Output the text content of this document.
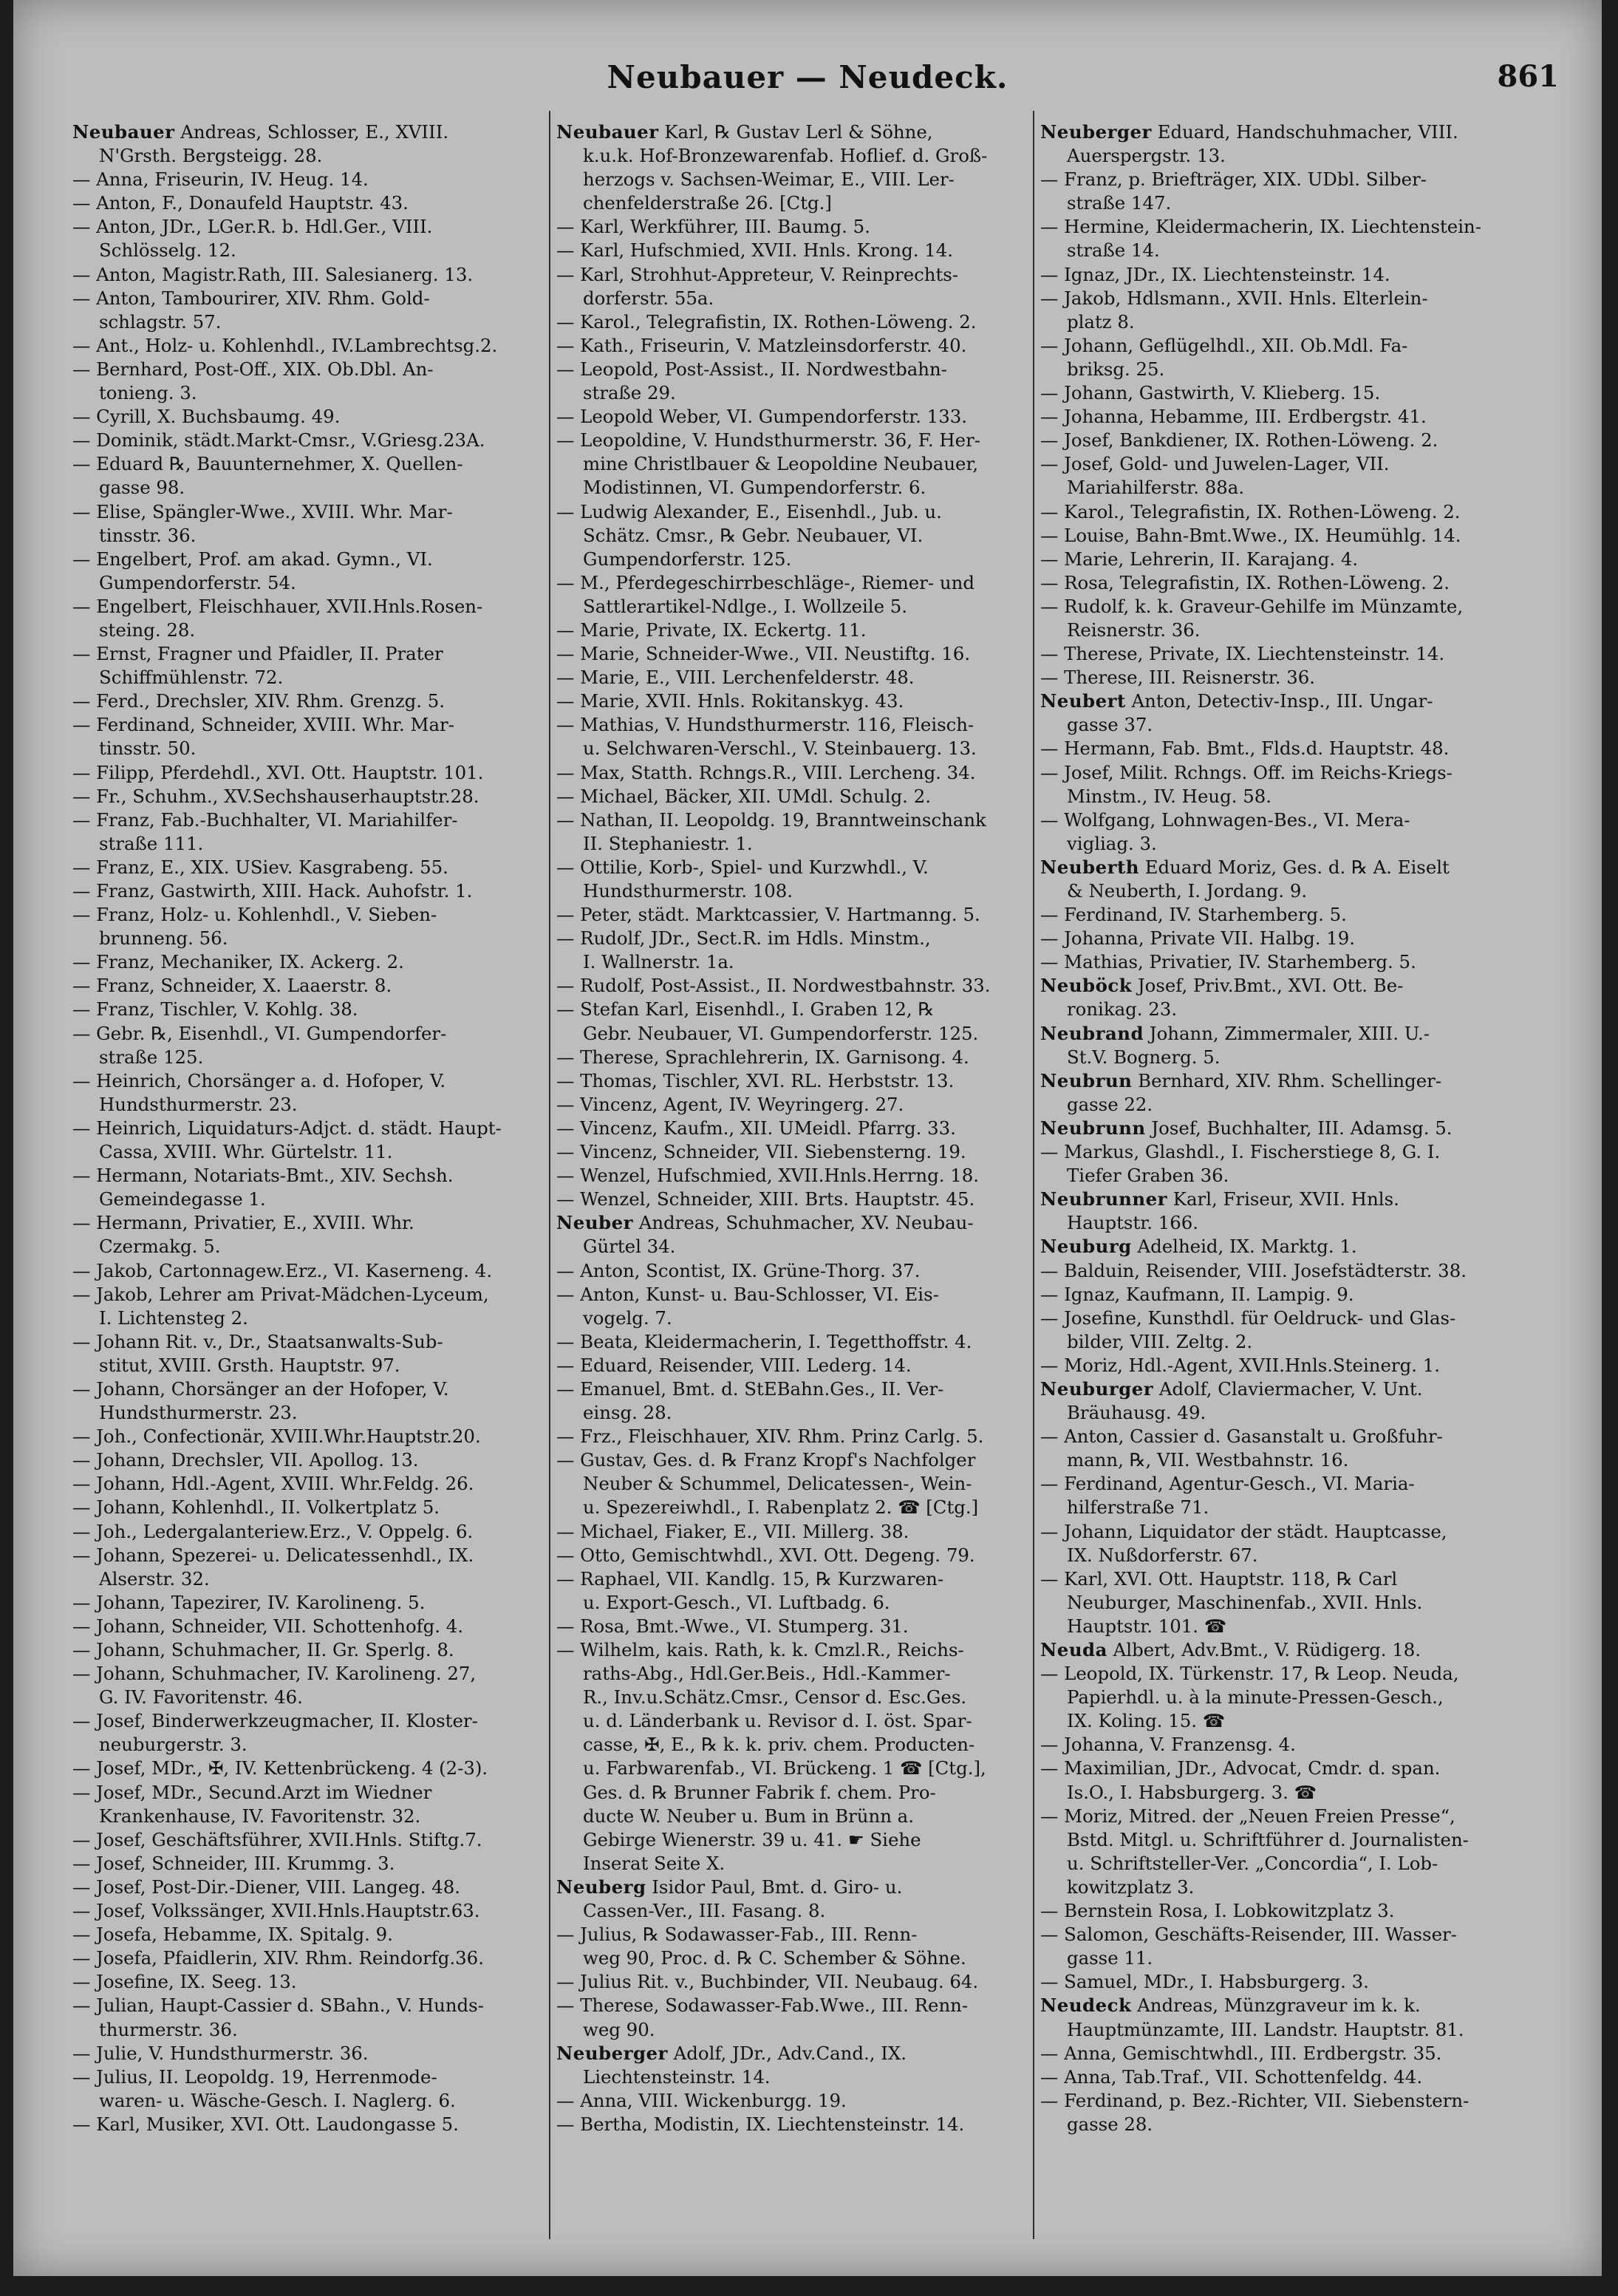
Neubauer — Neudeck.	861
Neubauer Andreas, Schlosser, E., XVIII.
N'Grsth. Bergsteigg. 28.
— Anna, Friseurin, IV. Heug. 14.
— Anton, F., Donaufeld Hauptstr. 43.
— Anton, JDr., LGer.R. b. Hdl.Ger., VIII.
Schlösselg. 12.
— Anton, Magistr.Rath, III. Salesianerg. 13.
— Anton, Tambourirer, XIV. Rhm. Gold-
schlagstr. 57.
— Ant., Holz- u. Kohlenhdl., IV.Lambrechtsg.2.
— Bernhard, Post-Off., XIX. Ob.Dbl. An-
tonieng. 3.
— Cyrill, X. Buchsbaumg. 49.
— Dominik, städt.Markt-Cmsr., V.Griesg.23A.
— Eduard ℞, Bauunternehmer, X. Quellen-
gasse 98.
— Elise, Spängler-Wwe., XVIII. Whr. Mar-
tinsstr. 36.
— Engelbert, Prof. am akad. Gymn., VI.
Gumpendorferstr. 54.
— Engelbert, Fleischhauer, XVII.Hnls.Rosen-
steing. 28.
— Ernst, Fragner und Pfaidler, II. Prater
Schiffmühlenstr. 72.
— Ferd., Drechsler, XIV. Rhm. Grenzg. 5.
— Ferdinand, Schneider, XVIII. Whr. Mar-
tinsstr. 50.
— Filipp, Pferdehdl., XVI. Ott. Hauptstr. 101.
— Fr., Schuhm., XV.Sechshauserhauptstr.28.
— Franz, Fab.-Buchhalter, VI. Mariahilfer-
straße 111.
— Franz, E., XIX. USiev. Kasgrabeng. 55.
— Franz, Gastwirth, XIII. Hack. Auhofstr. 1.
— Franz, Holz- u. Kohlenhdl., V. Sieben-
brunneng. 56.
— Franz, Mechaniker, IX. Ackerg. 2.
— Franz, Schneider, X. Laaerstr. 8.
— Franz, Tischler, V. Kohlg. 38.
— Gebr. ℞, Eisenhdl., VI. Gumpendorfer-
straße 125.
— Heinrich, Chorsänger a. d. Hofoper, V.
Hundsthurmerstr. 23.
— Heinrich, Liquidaturs-Adjct. d. städt. Haupt-
Cassa, XVIII. Whr. Gürtelstr. 11.
— Hermann, Notariats-Bmt., XIV. Sechsh.
Gemeindegasse 1.
— Hermann, Privatier, E., XVIII. Whr.
Czermakg. 5.
— Jakob, Cartonnagew.Erz., VI. Kaserneng. 4.
— Jakob, Lehrer am Privat-Mädchen-Lyceum,
I. Lichtensteg 2.
— Johann Rit. v., Dr., Staatsanwalts-Sub-
stitut, XVIII. Grsth. Hauptstr. 97.
— Johann, Chorsänger an der Hofoper, V.
Hundsthurmerstr. 23.
— Joh., Confectionär, XVIII.Whr.Hauptstr.20.
— Johann, Drechsler, VII. Apollog. 13.
— Johann, Hdl.-Agent, XVIII. Whr.Feldg. 26.
— Johann, Kohlenhdl., II. Volkertplatz 5.
— Joh., Ledergalanteriew.Erz., V. Oppelg. 6.
— Johann, Spezerei- u. Delicatessenhdl., IX.
Alserstr. 32.
— Johann, Tapezirer, IV. Karolineng. 5.
— Johann, Schneider, VII. Schottenhofg. 4.
— Johann, Schuhmacher, II. Gr. Sperlg. 8.
— Johann, Schuhmacher, IV. Karolineng. 27,
G. IV. Favoritenstr. 46.
— Josef, Binderwerkzeugmacher, II. Kloster-
neuburgerstr. 3.
— Josef, MDr., ✠, IV. Kettenbrückeng. 4 (2-3).
— Josef, MDr., Secund.Arzt im Wiedner
Krankenhause, IV. Favoritenstr. 32.
— Josef, Geschäftsführer, XVII.Hnls. Stiftg.7.
— Josef, Schneider, III. Krummg. 3.
— Josef, Post-Dir.-Diener, VIII. Langeg. 48.
— Josef, Volkssänger, XVII.Hnls.Hauptstr.63.
— Josefa, Hebamme, IX. Spitalg. 9.
— Josefa, Pfaidlerin, XIV. Rhm. Reindorfg.36.
— Josefine, IX. Seeg. 13.
— Julian, Haupt-Cassier d. SBahn., V. Hunds-
thurmerstr. 36.
— Julie, V. Hundsthurmerstr. 36.
— Julius, II. Leopoldg. 19, Herrenmode-
waren- u. Wäsche-Gesch. I. Naglerg. 6.
— Karl, Musiker, XVI. Ott. Laudongasse 5.
Neubauer Karl, ℞ Gustav Lerl & Söhne,
k.u.k. Hof-Bronzewarenfab. Hoflief. d. Groß-
herzogs v. Sachsen-Weimar, E., VIII. Ler-
chenfelderstraße 26. [Ctg.]
— Karl, Werkführer, III. Baumg. 5.
— Karl, Hufschmied, XVII. Hnls. Krong. 14.
— Karl, Strohhut-Appreteur, V. Reinprechts-
dorferstr. 55a.
— Karol., Telegrafistin, IX. Rothen-Löweng. 2.
— Kath., Friseurin, V. Matzleinsdorferstr. 40.
— Leopold, Post-Assist., II. Nordwestbahn-
straße 29.
— Leopold Weber, VI. Gumpendorferstr. 133.
— Leopoldine, V. Hundsthurmerstr. 36, F. Her-
mine Christlbauer & Leopoldine Neubauer,
Modistinnen, VI. Gumpendorferstr. 6.
— Ludwig Alexander, E., Eisenhdl., Jub. u.
Schätz. Cmsr., ℞ Gebr. Neubauer, VI.
Gumpendorferstr. 125.
— M., Pferdegeschirrbeschläge-, Riemer- und
Sattlerartikel-Ndlge., I. Wollzeile 5.
— Marie, Private, IX. Eckertg. 11.
— Marie, Schneider-Wwe., VII. Neustiftg. 16.
— Marie, E., VIII. Lerchenfelderstr. 48.
— Marie, XVII. Hnls. Rokitanskyg. 43.
— Mathias, V. Hundsthurmerstr. 116, Fleisch-
u. Selchwaren-Verschl., V. Steinbauerg. 13.
— Max, Statth. Rchngs.R., VIII. Lercheng. 34.
— Michael, Bäcker, XII. UMdl. Schulg. 2.
— Nathan, II. Leopoldg. 19, Branntweinschank
II. Stephaniestr. 1.
— Ottilie, Korb-, Spiel- und Kurzwhdl., V.
Hundsthurmerstr. 108.
— Peter, städt. Marktcassier, V. Hartmanng. 5.
— Rudolf, JDr., Sect.R. im Hdls. Minstm.,
I. Wallnerstr. 1a.
— Rudolf, Post-Assist., II. Nordwestbahnstr. 33.
— Stefan Karl, Eisenhdl., I. Graben 12, ℞
Gebr. Neubauer, VI. Gumpendorferstr. 125.
— Therese, Sprachlehrerin, IX. Garnisong. 4.
— Thomas, Tischler, XVI. RL. Herbststr. 13.
— Vincenz, Agent, IV. Weyringerg. 27.
— Vincenz, Kaufm., XII. UMeidl. Pfarrg. 33.
— Vincenz, Schneider, VII. Siebensterng. 19.
— Wenzel, Hufschmied, XVII.Hnls.Herrng. 18.
— Wenzel, Schneider, XIII. Brts. Hauptstr. 45.
Neuber Andreas, Schuhmacher, XV. Neubau-
Gürtel 34.
— Anton, Scontist, IX. Grüne-Thorg. 37.
— Anton, Kunst- u. Bau-Schlosser, VI. Eis-
vogelg. 7.
— Beata, Kleidermacherin, I. Tegetthoffstr. 4.
— Eduard, Reisender, VIII. Lederg. 14.
— Emanuel, Bmt. d. StEBahn.Ges., II. Ver-
einsg. 28.
— Frz., Fleischhauer, XIV. Rhm. Prinz Carlg. 5.
— Gustav, Ges. d. ℞ Franz Kropf's Nachfolger
Neuber & Schummel, Delicatessen-, Wein-
u. Spezereiwhdl., I. Rabenplatz 2. ☎ [Ctg.]
— Michael, Fiaker, E., VII. Millerg. 38.
— Otto, Gemischtwhdl., XVI. Ott. Degeng. 79.
— Raphael, VII. Kandlg. 15, ℞ Kurzwaren-
u. Export-Gesch., VI. Luftbadg. 6.
— Rosa, Bmt.-Wwe., VI. Stumperg. 31.
— Wilhelm, kais. Rath, k. k. Cmzl.R., Reichs-
raths-Abg., Hdl.Ger.Beis., Hdl.-Kammer-
R., Inv.u.Schätz.Cmsr., Censor d. Esc.Ges.
u. d. Länderbank u. Revisor d. I. öst. Spar-
casse, ✠, E., ℞ k. k. priv. chem. Producten-
u. Farbwarenfab., VI. Brückeng. 1 ☎ [Ctg.],
Ges. d. ℞ Brunner Fabrik f. chem. Pro-
ducte W. Neuber u. Bum in Brünn a.
Gebirge Wienerstr. 39 u. 41. ☛ Siehe
Inserat Seite X.
Neuberg Isidor Paul, Bmt. d. Giro- u.
Cassen-Ver., III. Fasang. 8.
— Julius, ℞ Sodawasser-Fab., III. Renn-
weg 90, Proc. d. ℞ C. Schember & Söhne.
— Julius Rit. v., Buchbinder, VII. Neubaug. 64.
— Therese, Sodawasser-Fab.Wwe., III. Renn-
weg 90.
Neuberger Adolf, JDr., Adv.Cand., IX.
Liechtensteinstr. 14.
— Anna, VIII. Wickenburgg. 19.
— Bertha, Modistin, IX. Liechtensteinstr. 14.
Neuberger Eduard, Handschuhmacher, VIII.
Auerspergstr. 13.
— Franz, p. Briefträger, XIX. UDbl. Silber-
straße 147.
— Hermine, Kleidermacherin, IX. Liechtenstein-
straße 14.
— Ignaz, JDr., IX. Liechtensteinstr. 14.
— Jakob, Hdlsmann., XVII. Hnls. Elterlein-
platz 8.
— Johann, Geflügelhdl., XII. Ob.Mdl. Fa-
briksg. 25.
— Johann, Gastwirth, V. Klieberg. 15.
— Johanna, Hebamme, III. Erdbergstr. 41.
— Josef, Bankdiener, IX. Rothen-Löweng. 2.
— Josef, Gold- und Juwelen-Lager, VII.
Mariahilferstr. 88a.
— Karol., Telegrafistin, IX. Rothen-Löweng. 2.
— Louise, Bahn-Bmt.Wwe., IX. Heumühlg. 14.
— Marie, Lehrerin, II. Karajang. 4.
— Rosa, Telegrafistin, IX. Rothen-Löweng. 2.
— Rudolf, k. k. Graveur-Gehilfe im Münzamte,
Reisnerstr. 36.
— Therese, Private, IX. Liechtensteinstr. 14.
— Therese, III. Reisnerstr. 36.
Neubert Anton, Detectiv-Insp., III. Ungar-
gasse 37.
— Hermann, Fab. Bmt., Flds.d. Hauptstr. 48.
— Josef, Milit. Rchngs. Off. im Reichs-Kriegs-
Minstm., IV. Heug. 58.
— Wolfgang, Lohnwagen-Bes., VI. Mera-
vigliag. 3.
Neuberth Eduard Moriz, Ges. d. ℞ A. Eiselt
& Neuberth, I. Jordang. 9.
— Ferdinand, IV. Starhemberg. 5.
— Johanna, Private VII. Halbg. 19.
— Mathias, Privatier, IV. Starhemberg. 5.
Neuböck Josef, Priv.Bmt., XVI. Ott. Be-
ronikag. 23.
Neubrand Johann, Zimmermaler, XIII. U.-
St.V. Bognerg. 5.
Neubrun Bernhard, XIV. Rhm. Schellinger-
gasse 22.
Neubrunn Josef, Buchhalter, III. Adamsg. 5.
— Markus, Glashdl., I. Fischerstiege 8, G. I.
Tiefer Graben 36.
Neubrunner Karl, Friseur, XVII. Hnls.
Hauptstr. 166.
Neuburg Adelheid, IX. Marktg. 1.
— Balduin, Reisender, VIII. Josefstädterstr. 38.
— Ignaz, Kaufmann, II. Lampig. 9.
— Josefine, Kunsthdl. für Oeldruck- und Glas-
bilder, VIII. Zeltg. 2.
— Moriz, Hdl.-Agent, XVII.Hnls.Steinerg. 1.
Neuburger Adolf, Claviermacher, V. Unt.
Bräuhausg. 49.
— Anton, Cassier d. Gasanstalt u. Großfuhr-
mann, ℞, VII. Westbahnstr. 16.
— Ferdinand, Agentur-Gesch., VI. Maria-
hilferstraße 71.
— Johann, Liquidator der städt. Hauptcasse,
IX. Nußdorferstr. 67.
— Karl, XVI. Ott. Hauptstr. 118, ℞ Carl
Neuburger, Maschinenfab., XVII. Hnls.
Hauptstr. 101. ☎
Neuda Albert, Adv.Bmt., V. Rüdigerg. 18.
— Leopold, IX. Türkenstr. 17, ℞ Leop. Neuda,
Papierhdl. u. à la minute-Pressen-Gesch.,
IX. Koling. 15. ☎
— Johanna, V. Franzensg. 4.
— Maximilian, JDr., Advocat, Cmdr. d. span.
Is.O., I. Habsburgerg. 3. ☎
— Moriz, Mitred. der „Neuen Freien Presse“,
Bstd. Mitgl. u. Schriftführer d. Journalisten-
u. Schriftsteller-Ver. „Concordia“, I. Lob-
kowitzplatz 3.
— Bernstein Rosa, I. Lobkowitzplatz 3.
— Salomon, Geschäfts-Reisender, III. Wasser-
gasse 11.
— Samuel, MDr., I. Habsburgerg. 3.
Neudeck Andreas, Münzgraveur im k. k.
Hauptmünzamte, III. Landstr. Hauptstr. 81.
— Anna, Gemischtwhdl., III. Erdbergstr. 35.
— Anna, Tab.Traf., VII. Schottenfeldg. 44.
— Ferdinand, p. Bez.-Richter, VII. Siebenstern-
gasse 28.
